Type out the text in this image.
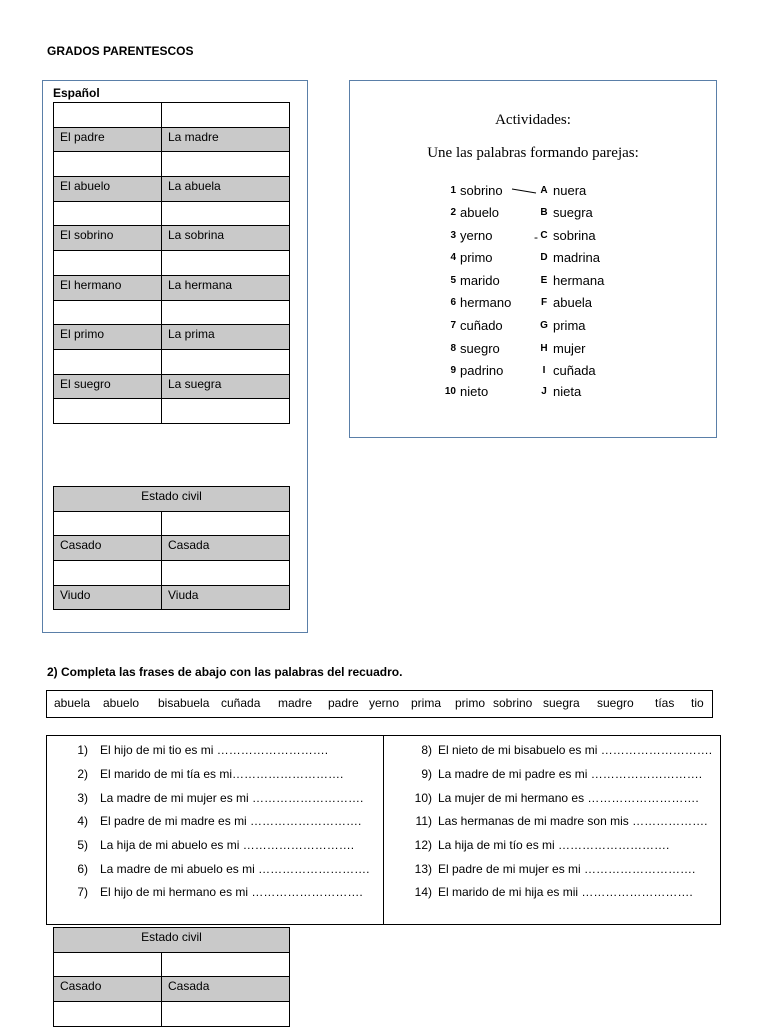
GRADOS PARENTESCOS
Español

El padre	La madre

El abuelo	La abuela

El sobrino	La sobrina

El hermano	La hermana

El primo	La prima

El suegro	La suegra

Estado civil	

Casado	Casada

Viudo	Viuda
Actividades:
Une las palabras formando parejas:
1 sobrino	A nuera
2 abuelo	B suegra
3 yerno	C sobrina
4 primo	D madrina
5 marido	E hermana
6 hermano	F abuela
7 cuñado	G prima
8 suegro	H mujer
9 padrino	I cuñada
10 nieto	J nieta
-
2) Completa las frases de abajo con las palabras del recuadro.
abuela abuelo bisabuela cuñada madre padre yerno prima primo sobrino suegra suegro tías tio
1) El hijo de mi tio es mi ……………………….
2) El marido de mi tía es mi……………………….
3) La madre de mi mujer es mi ……………………….
4) El padre de mi madre es mi ……………………….
5) La hija de mi abuelo es mi ……………………….
6) La madre de mi abuelo es mi ……………………….
7) El hijo de mi hermano es mi ……………………….
8) El nieto de mi bisabuelo es mi ……………………….
9) La madre de mi padre es mi ……………………….
10) La mujer de mi hermano es ……………………….
11) Las hermanas de mi madre son mis ……………….
12) La hija de mi tío es mi ……………………….
13) El padre de mi mujer es mi ……………………….
14) El marido de mi hija es mii ……………………….
Estado civil	

Casado	Casada
